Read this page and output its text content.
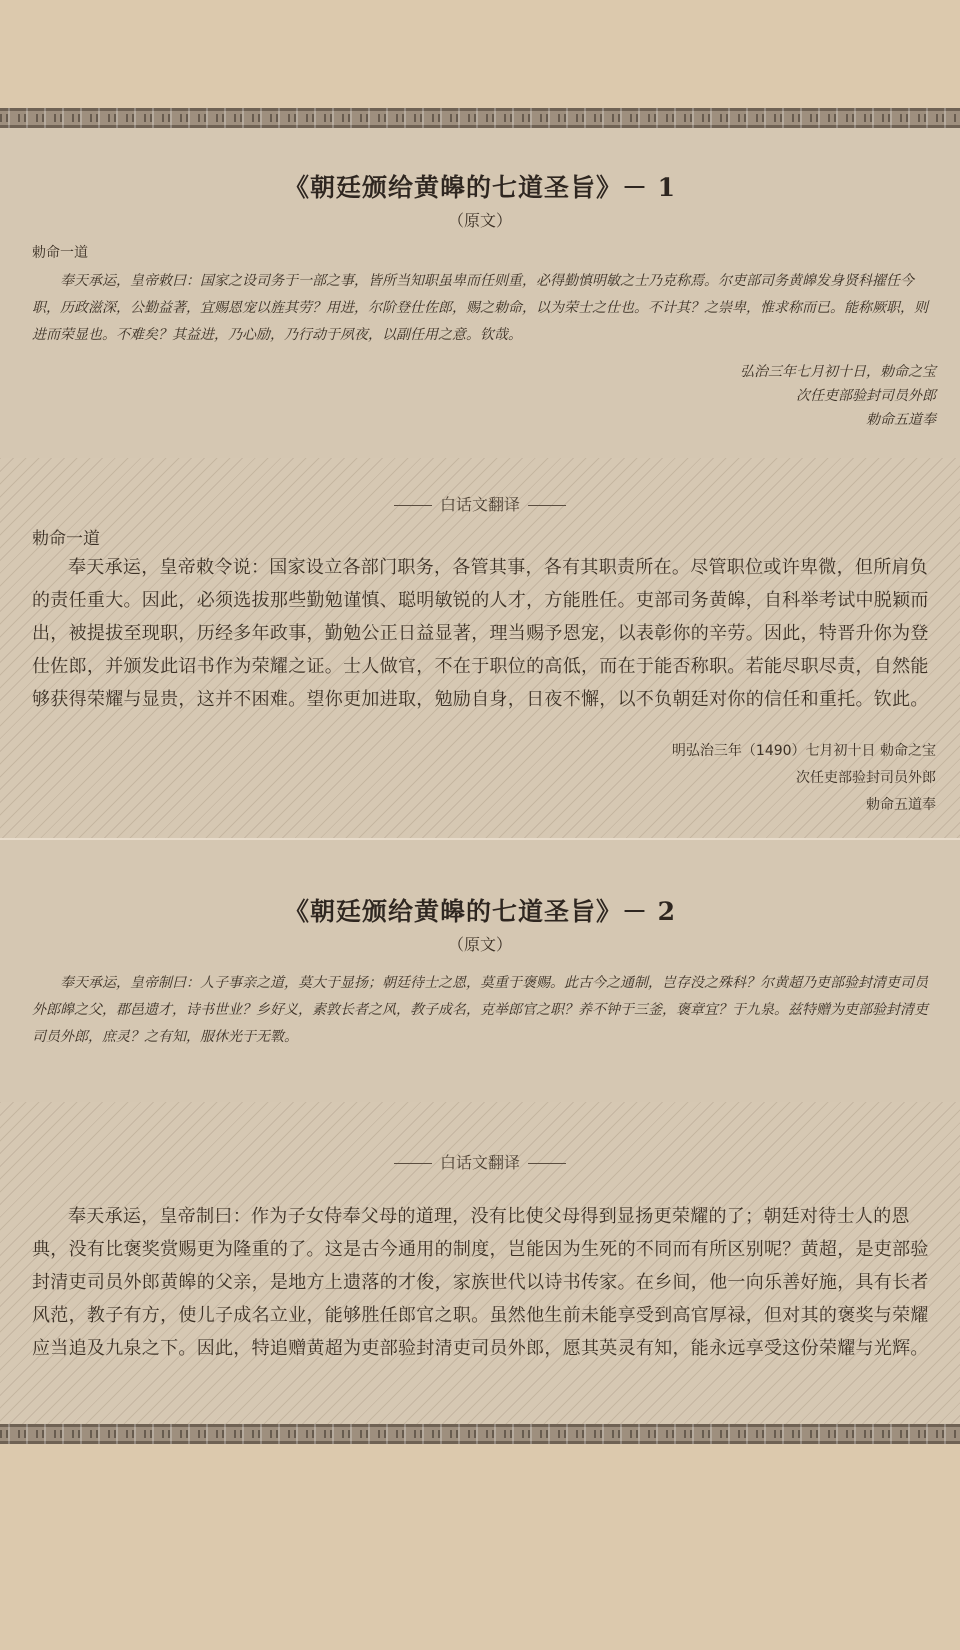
《朝廷颁给黄皞的七道圣旨》－ 1
（原文）
勅命一道

奉天承运，皇帝敕曰：国家之设司务于一部之事，皆所当知职虽卑而任则重，必得勤慎明敏之士乃克称焉。尔吏部司务黄皞发身贤科擢任今职，历政滋深，公勤益著，宜赐恩宠以旌其劳？用进，尔阶登仕佐郎，赐之勅命，以为荣士之仕也。不计其？之崇卑，惟求称而已。能称厥职，则进而荣显也。不难矣？其益进，乃心励，乃行动于夙夜，以副任用之意。钦哉。

弘治三年七月初十日，勅命之宝
次任吏部验封司员外郎
勅命五道奉
白话文翻译
勅命一道

奉天承运，皇帝敕令说：国家设立各部门职务，各管其事，各有其职责所在。尽管职位或许卑微，但所肩负的责任重大。因此，必须选拔那些勤勉谨慎、聪明敏锐的人才，方能胜任。吏部司务黄皞，自科举考试中脱颖而出，被提拔至现职，历经多年政事，勤勉公正日益显著，理当赐予恩宠，以表彰你的辛劳。因此，特晋升你为登仕佐郎，并颁发此诏书作为荣耀之证。士人做官，不在于职位的高低，而在于能否称职。若能尽职尽责，自然能够获得荣耀与显贵，这并不困难。望你更加进取，勉励自身，日夜不懈，以不负朝廷对你的信任和重托。钦此。

明弘治三年（1490）七月初十日 勅命之宝
次任吏部验封司员外郎
勅命五道奉
《朝廷颁给黄皞的七道圣旨》－ 2
（原文）

奉天承运，皇帝制曰：人子事亲之道，莫大于显扬；朝廷待士之恩，莫重于褒赐。此古今之通制，岂存没之殊科？尔黄超乃吏部验封清吏司员外郎皞之父，郡邑遗才，诗书世业？乡好义，素敦长者之风，教子成名，克举郎官之职？养不钟于三釜，褒章宜？于九泉。兹特赠为吏部验封清吏司员外郎，庶灵？之有知，服休光于无斁。

白话文翻译

奉天承运，皇帝制曰：作为子女侍奉父母的道理，没有比使父母得到显扬更荣耀的了；朝廷对待士人的恩典，没有比褒奖赏赐更为隆重的了。这是古今通用的制度，岂能因为生死的不同而有所区别呢？黄超，是吏部验封清吏司员外郎黄皞的父亲，是地方上遗落的才俊，家族世代以诗书传家。在乡间，他一向乐善好施，具有长者风范，教子有方，使儿子成名立业，能够胜任郎官之职。虽然他生前未能享受到高官厚禄，但对其的褒奖与荣耀应当追及九泉之下。因此，特追赠黄超为吏部验封清吏司员外郎，愿其英灵有知，能永远享受这份荣耀与光辉。
